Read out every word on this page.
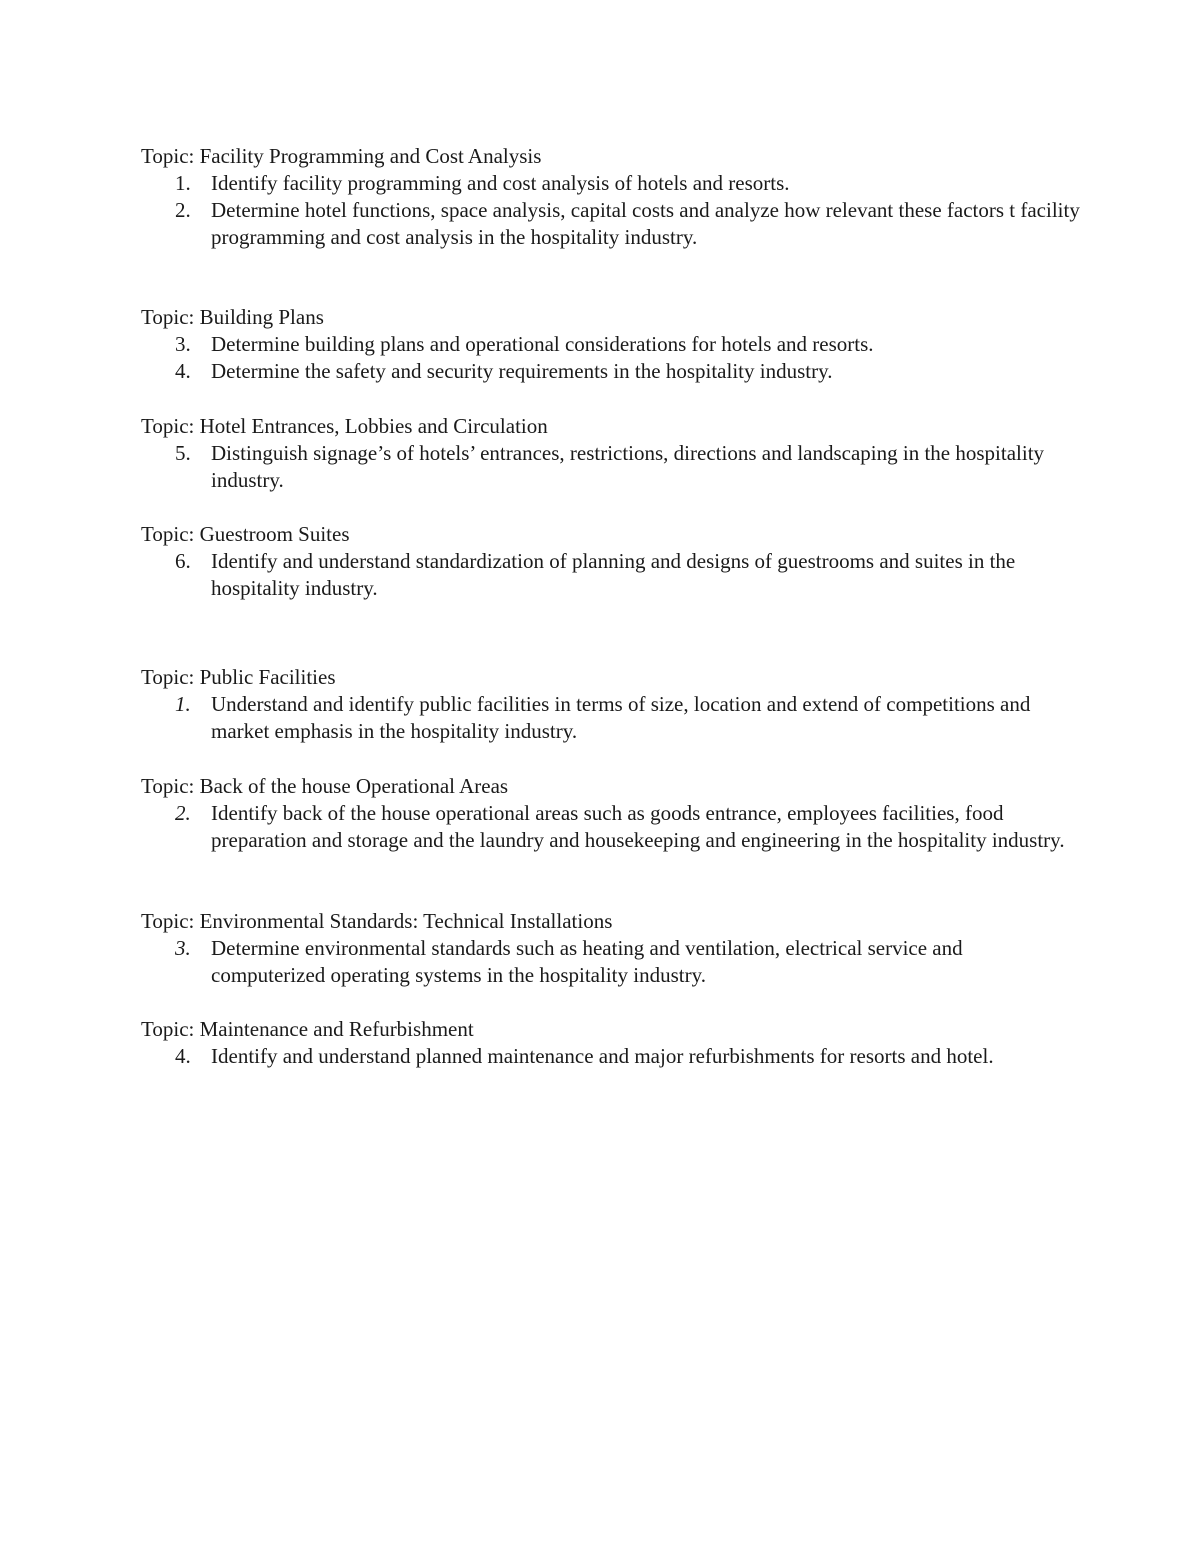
Topic: Facility Programming and Cost Analysis
1. Identify facility programming and cost analysis of hotels and resorts.
2. Determine hotel functions, space analysis, capital costs and analyze how relevant these factors t facility programming and cost analysis in the hospitality industry.
Topic: Building Plans
3. Determine building plans and operational considerations for hotels and resorts.
4. Determine the safety and security requirements in the hospitality industry.
Topic: Hotel Entrances, Lobbies and Circulation
5. Distinguish signage’s of hotels’ entrances, restrictions, directions and landscaping in the hospitality industry.
Topic: Guestroom Suites
6. Identify and understand standardization of planning and designs of guestrooms and suites in the hospitality industry.
Topic: Public Facilities
1. Understand and identify public facilities in terms of size, location and extend of competitions and market emphasis in the hospitality industry.
Topic: Back of the house Operational Areas
2. Identify back of the house operational areas such as goods entrance, employees facilities, food preparation and storage and the laundry and housekeeping and engineering in the hospitality industry.
Topic: Environmental Standards: Technical Installations
3. Determine environmental standards such as heating and ventilation, electrical service and computerized operating systems in the hospitality industry.
Topic: Maintenance and Refurbishment
4. Identify and understand planned maintenance and major refurbishments for resorts and hotel.
